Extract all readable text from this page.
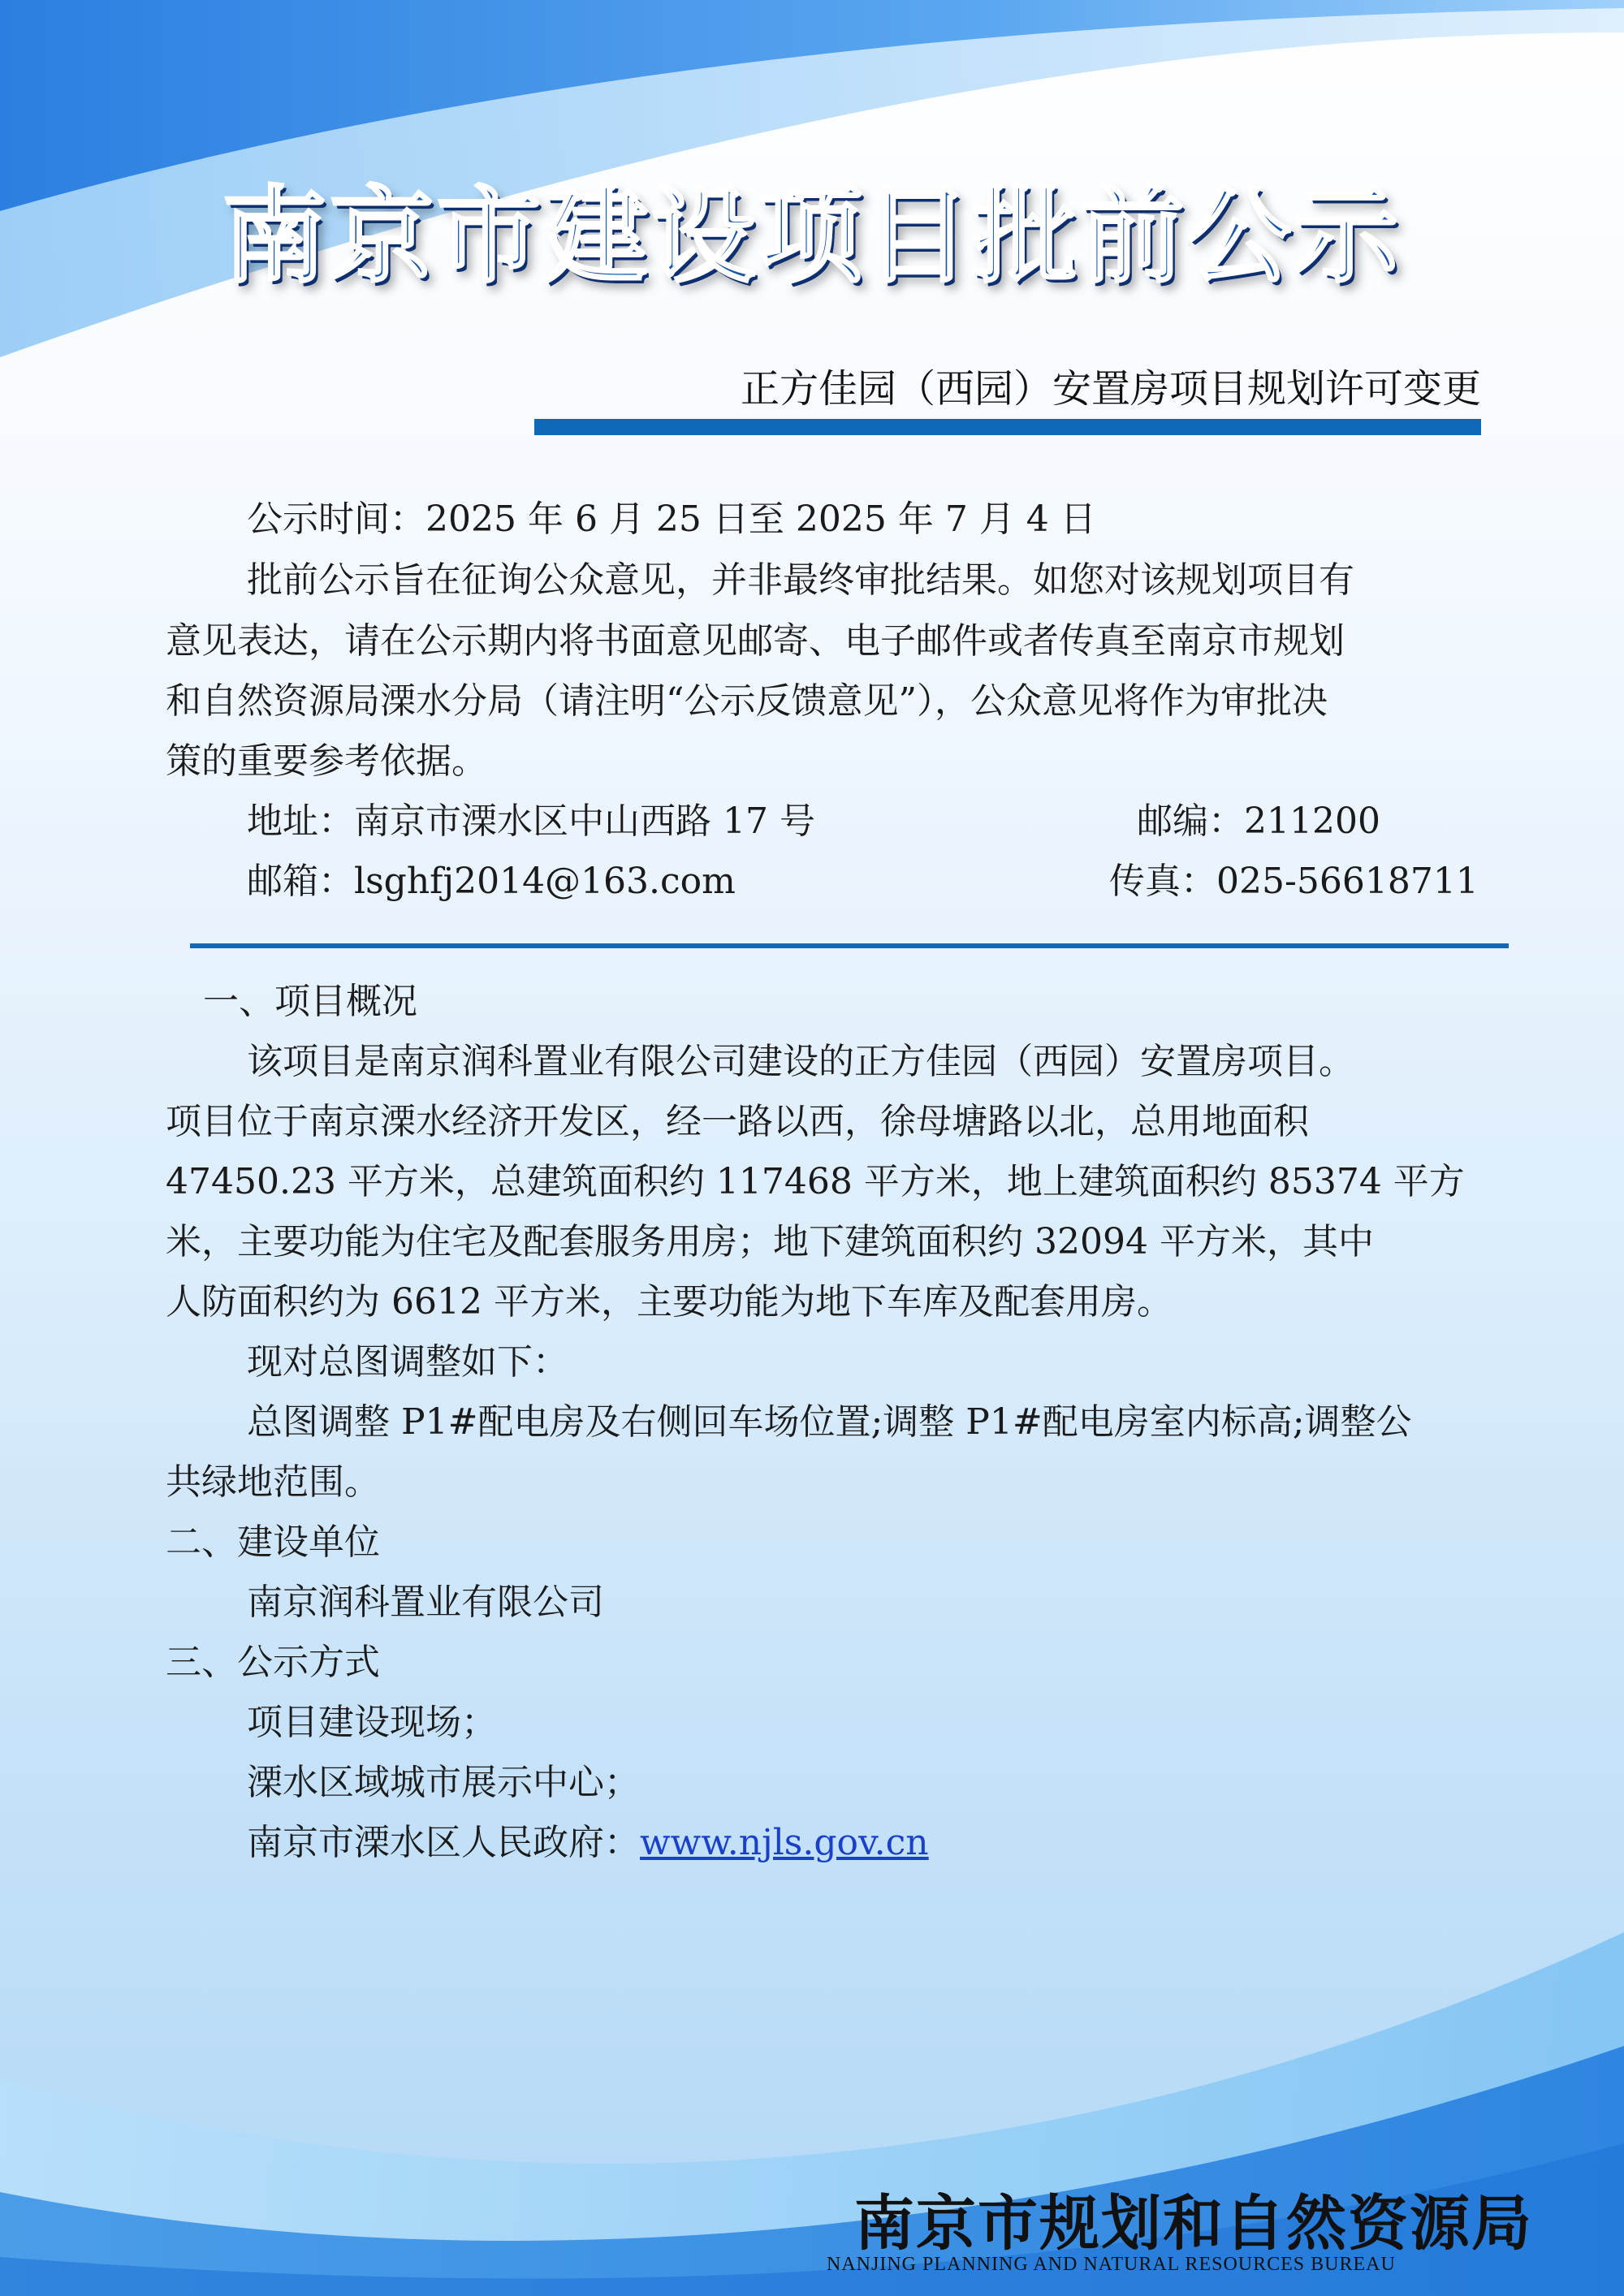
南京市建设项目批前公示
正方佳园（西园）安置房项目规划许可变更
公示时间：2025 年 6 月 25 日至 2025 年 7 月 4 日
批前公示旨在征询公众意见，并非最终审批结果。如您对该规划项目有
意见表达，请在公示期内将书面意见邮寄、电子邮件或者传真至南京市规划
和自然资源局溧水分局（请注明“公示反馈意见”），公众意见将作为审批决
策的重要参考依据。
地址：南京市溧水区中山西路 17 号	邮编：211200
邮箱：lsghfj2014@163.com	传真：025-56618711
一、项目概况
该项目是南京润科置业有限公司建设的正方佳园（西园）安置房项目。
项目位于南京溧水经济开发区，经一路以西，徐母塘路以北，总用地面积
47450.23 平方米，总建筑面积约 117468 平方米，地上建筑面积约 85374 平方
米，主要功能为住宅及配套服务用房；地下建筑面积约 32094 平方米，其中
人防面积约为 6612 平方米，主要功能为地下车库及配套用房。
现对总图调整如下：
总图调整 P1#配电房及右侧回车场位置;调整 P1#配电房室内标高;调整公
共绿地范围。
二、建设单位
南京润科置业有限公司
三、公示方式
项目建设现场；
溧水区域城市展示中心；
南京市溧水区人民政府：www.njls.gov.cn
南京市规划和自然资源局
NANJING PLANNING AND NATURAL RESOURCES BUREAU
